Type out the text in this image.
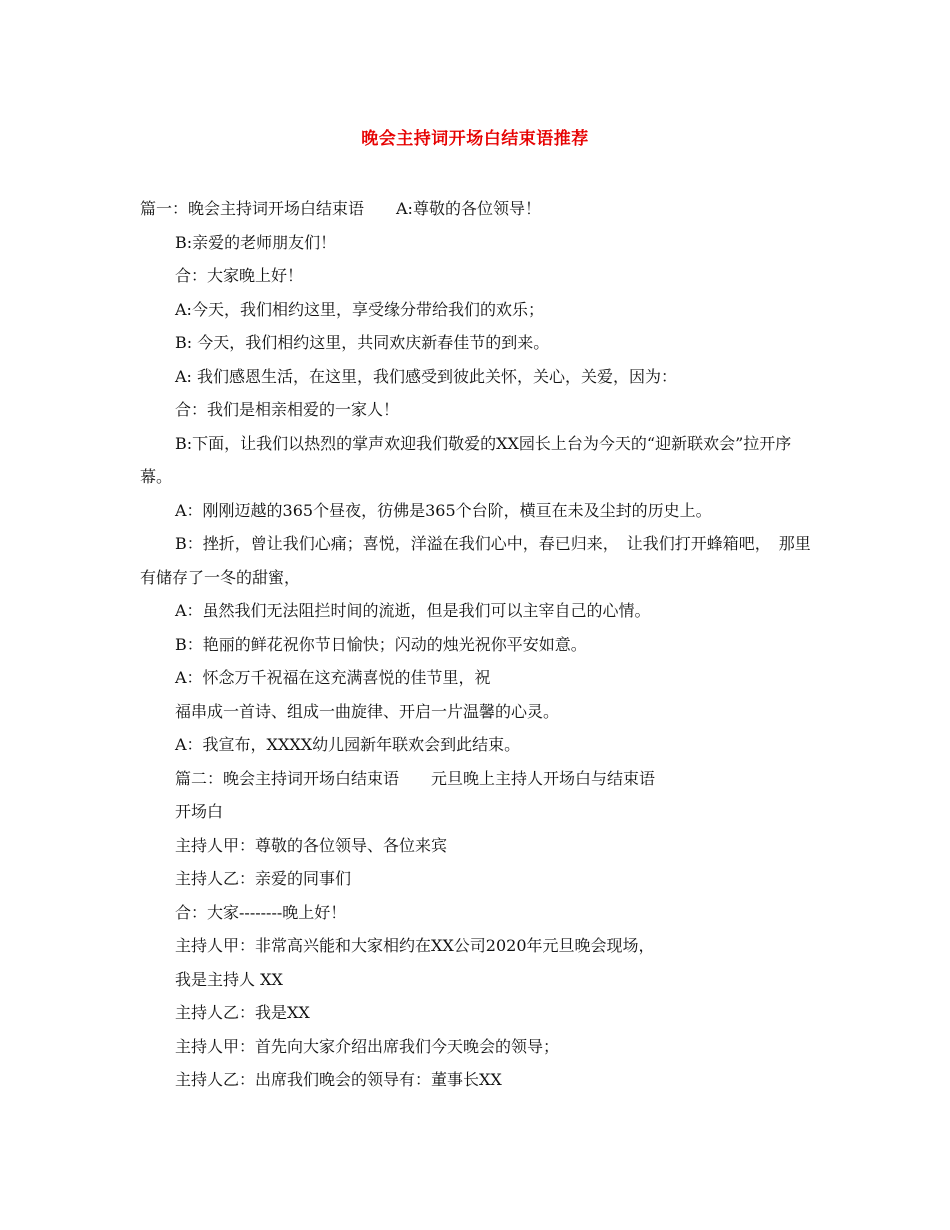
晚会主持词开场白结束语推荐

篇一：晚会主持词开场白结束语　　A:尊敬的各位领导！

B:亲爱的老师朋友们！

合：大家晚上好！

A:今天，我们相约这里，享受缘分带给我们的欢乐；

B: 今天，我们相约这里，共同欢庆新春佳节的到来。

A: 我们感恩生活，在这里，我们感受到彼此关怀，关心，关爱，因为：

合：我们是相亲相爱的一家人！

B:下面，让我们以热烈的掌声欢迎我们敬爱的XX园长上台为今天的“迎新联欢会”拉开序幕。

A：刚刚迈越的365个昼夜，彷佛是365个台阶，横亘在未及尘封的历史上。

B：挫折，曾让我们心痛；喜悦，洋溢在我们心中，春已归来，　让我们打开蜂箱吧，　那里有储存了一冬的甜蜜，

A：虽然我们无法阻拦时间的流逝，但是我们可以主宰自己的心情。

B：艳丽的鲜花祝你节日愉快；闪动的烛光祝你平安如意。

A：怀念万千祝福在这充满喜悦的佳节里，祝

福串成一首诗、组成一曲旋律、开启一片温馨的心灵。

A：我宣布，XXXX幼儿园新年联欢会到此结束。

篇二：晚会主持词开场白结束语　　元旦晚上主持人开场白与结束语

开场白

主持人甲：尊敬的各位领导、各位来宾

主持人乙：亲爱的同事们

合：大家--------晚上好！

主持人甲：非常高兴能和大家相约在XX公司2020年元旦晚会现场，

我是主持人 XX

主持人乙：我是XX

主持人甲：首先向大家介绍出席我们今天晚会的领导；

主持人乙：出席我们晚会的领导有：董事长XX
